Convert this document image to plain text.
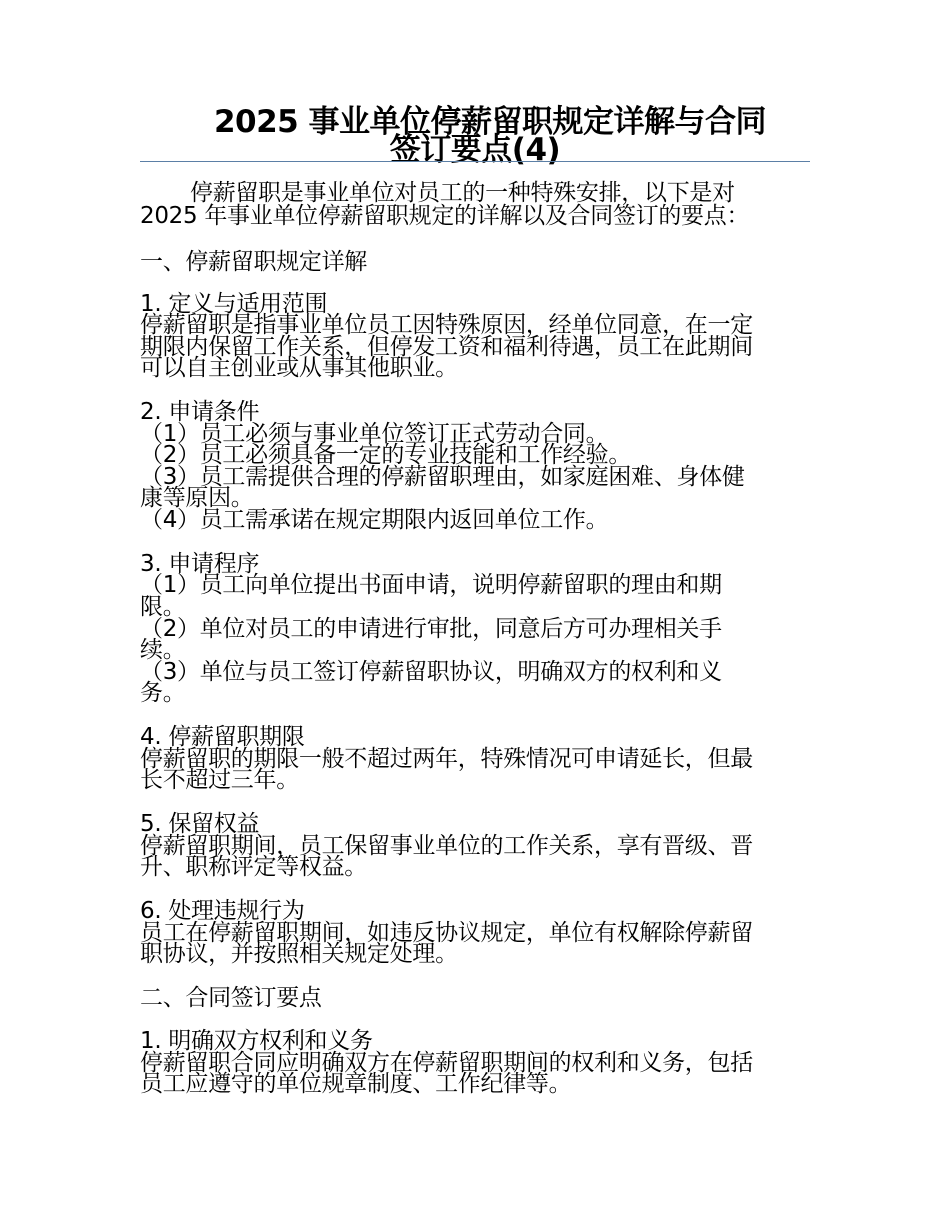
2025 事业单位停薪留职规定详解与合同
签订要点(4)
停薪留职是事业单位对员工的一种特殊安排，以下是对
2025 年事业单位停薪留职规定的详解以及合同签订的要点：
一、停薪留职规定详解
1. 定义与适用范围
停薪留职是指事业单位员工因特殊原因，经单位同意，在一定
期限内保留工作关系，但停发工资和福利待遇，员工在此期间
可以自主创业或从事其他职业。
2. 申请条件
（1）员工必须与事业单位签订正式劳动合同。
（2）员工必须具备一定的专业技能和工作经验。
（3）员工需提供合理的停薪留职理由，如家庭困难、身体健
康等原因。
（4）员工需承诺在规定期限内返回单位工作。
3. 申请程序
（1）员工向单位提出书面申请，说明停薪留职的理由和期
限。
（2）单位对员工的申请进行审批，同意后方可办理相关手
续。
（3）单位与员工签订停薪留职协议，明确双方的权利和义
务。
4. 停薪留职期限
停薪留职的期限一般不超过两年，特殊情况可申请延长，但最
长不超过三年。
5. 保留权益
停薪留职期间，员工保留事业单位的工作关系，享有晋级、晋
升、职称评定等权益。
6. 处理违规行为
员工在停薪留职期间，如违反协议规定，单位有权解除停薪留
职协议，并按照相关规定处理。
二、合同签订要点
1. 明确双方权利和义务
停薪留职合同应明确双方在停薪留职期间的权利和义务，包括
员工应遵守的单位规章制度、工作纪律等。
